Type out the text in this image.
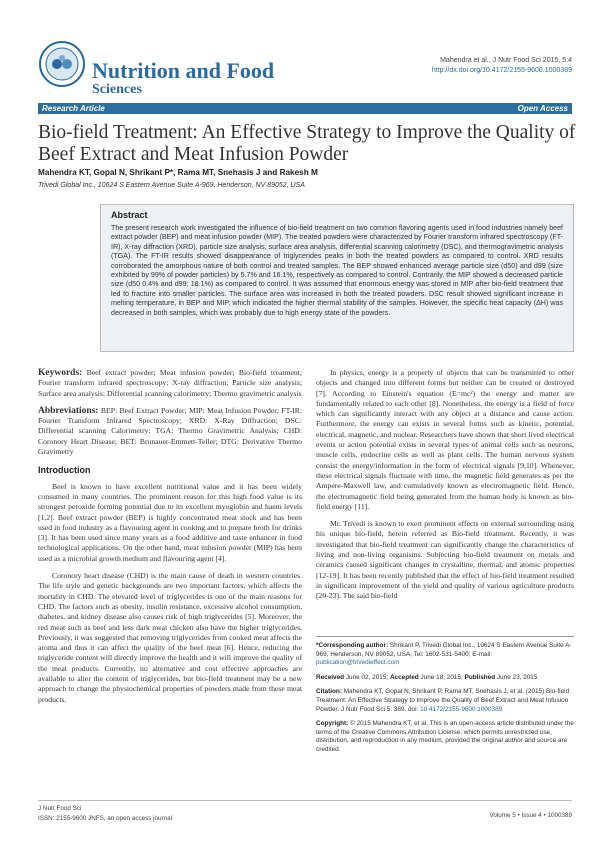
Nutrition and Food
Sciences
Mahendra et al., J Nutr Food Sci 2015, 5:4
http://dx.doi.org/10.4172/2155-9600.1000389
Research Article	Open Access
Bio-field Treatment: An Effective Strategy to Improve the Quality of Beef Extract and Meat Infusion Powder
Mahendra KT, Gopal N, Shrikant P*, Rama MT, Snehasis J and Rakesh M
Trivedi Global Inc., 10624 S Eastern Avenue Suite A-969, Henderson, NV 89052, USA
Abstract

The present research work investigated the influence of bio-field treatment on two common flavoring agents used in food industries namely beef extract powder (BEP) and meat infusion powder (MIP). The treated powders were characterized by Fourier transform infrared spectroscopy (FT-IR), X-ray diffraction (XRD), particle size analysis, surface area analysis, differential scanning calorimetry (DSC), and thermogravimetric analysis (TGA). The FT-IR results showed disappearance of triglycerides peaks in both the treated powders as compared to control. XRD results corroborated the amorphous nature of both control and treated samples. The BEP showed enhanced average particle size (d50) and d99 (size exhibited by 99% of powder particles) by 5.7% and 16.1%, respectively as compared to control. Contrarily, the MIP showed a decreased particle size (d50 0.4% and d99; 18.1%) as compared to control. It was assumed that enormous energy was stored in MIP after bio-field treatment that led to fracture into smaller particles. The surface area was increased in both the treated powders. DSC result showed significant increase in melting temperature, in BEP and MIP, which indicated the higher thermal stability of the samples. However, the specific heat capacity (ΔH) was decreased in both samples, which was probably due to high energy state of the powders.

Keywords: Beef extract powder; Meat infusion powder; Bio-field treatment; Fourier transform infrared spectroscopy; X-ray diffraction; Particle size analysis; Surface area analysis; Differential scanning calorimetry; Thermo gravimetric analysis

Abbreviations: BEP: Beef Extract Powder; MIP: Meat Infusion Powder; FT-IR: Fourier Transform Infrared Spectroscopy; XRD: X-Ray Diffraction; DSC: Differential scanning Calorimetry; TGA: Thermo Gravimetric Analysis; CHD: Coronory Heart Disease; BET: Brunauer-Emmett-Teller; DTG: Derivative Thermo Gravimetry

Introduction

Beef is known to have excellent nutritional value and it has been widely consumed in many countries. The prominent reason for this high food value is its strongest peroxide forming potential due to its excellent myoglobin and haem levels [1,2]. Beef extract powder (BEP) is highly concentrated meat stock and has been used in food industry as a flavouring agent in cooking and to prepare broth for drinks [3]. It has been used since many years as a food additive and taste enhancer in food technological applications. On the other hand, meat infusion powder (MIP) has been used as a microbial growth medium and flavouring agent [4].

Coronory heart disease (CHD) is the main cause of death in western countries. The life style and genetic backgrounds are two important factors, which affects the mortality in CHD. The elevated level of triglycerides is one of the main reasons for CHD. The factors such as obesity, insulin resistance, excessive alcohol consumption, diabetes, and kidney disease also causes risk of high triglycerides [5]. Moreover, the red meat such as beef and less dark meat chicken also have the higher triglycerides. Previously, it was suggested that removing triglycerides from cooked meat affects the aroma and thus it can affect the quality of the beef meat [6]. Hence, reducing the triglyceride content will directly improve the health and it will improve the quality of the meat products. Currently, no alternative and cost effective approaches are available to alter the content of triglycerides, but bio-field treatment may be a new approach to change the physiochemical properties of powders made from these meat products.

In physics, energy is a property of objects that can be transmitted to other objects and changed into different forms but neither can be created or destroyed [7]. According to Einstein's equation (E=mc²) the energy and matter are fundamentally related to each other [8]. Nonetheless, the energy is a field of force which can significantly interact with any object at a distance and cause action. Furthermore, the energy can exists in several forms such as kinetic, potential, electrical, magnetic, and nuclear. Researchers have shown that short lived electrical events or action potential exists in several types of animal cells such as neurons, muscle cells, endocrine cells as well as plant cells. The human nervous system consist the energy/information in the form of electrical signals [9,10]. Whenever, these electrical signals fluctuate with time, the magnetic field generates as per the Ampere-Maxwell law, and cumulatively known as electromagnetic field. Hence, the electromagnetic field being generated from the human body is known as bio-field energy [11].

Mr. Trivedi is known to exert prominent effects on external surrounding using his unique bio-field, herein referred as Bio-field treatment. Recently, it was investigated that bio-field treatment can significantly change the characteristics of living and non-living organisms. Subjecting bio-field treatment on metals and ceramics caused significant changes in crystalline, thermal, and atomic properties [12-19]. It has been recently published that the effect of bio-field treatment resulted in significant improvement of the yield and quality of various agriculture products [20-23]. The said bio-field

*Corresponding author: Shrikant P, Trivedi Global Inc., 10624 S Eastern Avenue Suite A-969, Henderson, NV 89052, USA, Tel: 1602-531-5400; E-mail: publication@trivedieffect.com

Received June 02, 2015; Accepted June 18, 2015; Published June 23, 2015

Citation: Mahendra KT, Gopal N, Shrikant P, Rama MT, Snehasis J, et al. (2015) Bio-field Treatment: An Effective Strategy to Improve the Quality of Beef Extract and Meat Infusion Powder. J Nutr Food Sci 5: 389. doi: 10.4172/2155-9600.1000389

Copyright: © 2015 Mahendra KT, et al. This is an open-access article distributed under the terms of the Creative Commons Attribution License, which permits unrestricted use, distribution, and reproduction in any medium, provided the original author and source are credited.

J Nutr Food Sci
ISSN: 2155-9600 JNFS, an open access journal	Volume 5 • Issue 4 • 1000389
